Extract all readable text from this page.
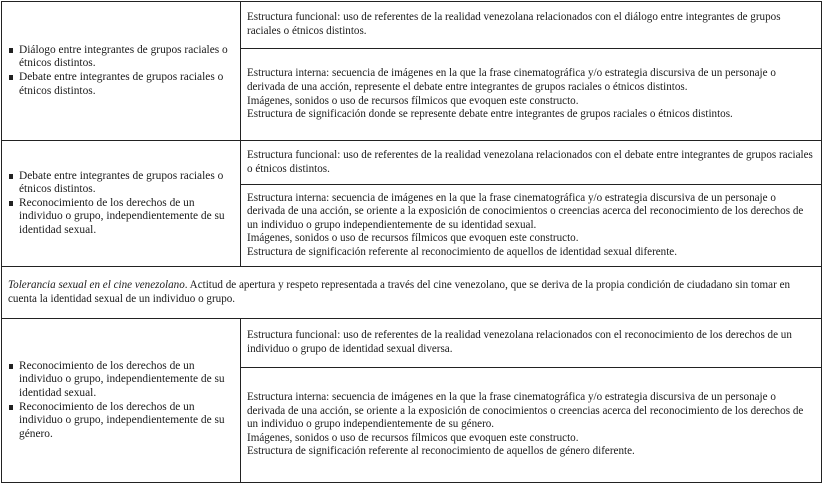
Diálogo entre integrantes de grupos raciales o étnicos distintos.
Debate entre integrantes de grupos raciales o étnicos distintos.

Estructura funcional: uso de referentes de la realidad venezolana relacionados con el diálogo entre integrantes de grupos raciales o étnicos distintos.

Estructura interna: secuencia de imágenes en la que la frase cinematográfica y/o estrategia discursiva de un personaje o derivada de una acción, represente el debate entre integrantes de grupos raciales o étnicos distintos.

Imágenes, sonidos o uso de recursos fílmicos que evoquen este constructo.

Estructura de significación donde se represente debate entre integrantes de grupos raciales o étnicos distintos.

Debate entre integrantes de grupos raciales o étnicos distintos.
Reconocimiento de los derechos de un individuo o grupo, independientemente de su identidad sexual.

Estructura funcional: uso de referentes de la realidad venezolana relacionados con el debate entre integrantes de grupos raciales o étnicos distintos.

Estructura interna: secuencia de imágenes en la que la frase cinematográfica y/o estrategia discursiva de un personaje o derivada de una acción, se oriente a la exposición de conocimientos o creencias acerca del reconocimiento de los derechos de un individuo o grupo independientemente de su identidad sexual.

Imágenes, sonidos o uso de recursos fílmicos que evoquen este constructo.

Estructura de significación referente al reconocimiento de aquellos de identidad sexual diferente.

Tolerancia sexual en el cine venezolano. Actitud de apertura y respeto representada a través del cine venezolano, que se deriva de la propia condición de ciudadano sin tomar en cuenta la identidad sexual de un individuo o grupo.

Reconocimiento de los derechos de un individuo o grupo, independientemente de su identidad sexual.
Reconocimiento de los derechos de un individuo o grupo, independientemente de su género.

Estructura funcional: uso de referentes de la realidad venezolana relacionados con el reconocimiento de los derechos de un individuo o grupo de identidad sexual diversa.

Estructura interna: secuencia de imágenes en la que la frase cinematográfica y/o estrategia discursiva de un personaje o derivada de una acción, se oriente a la exposición de conocimientos o creencias acerca del reconocimiento de los derechos de un individuo o grupo independientemente de su género.

Imágenes, sonidos o uso de recursos fílmicos que evoquen este constructo.

Estructura de significación referente al reconocimiento de aquellos de género diferente.
